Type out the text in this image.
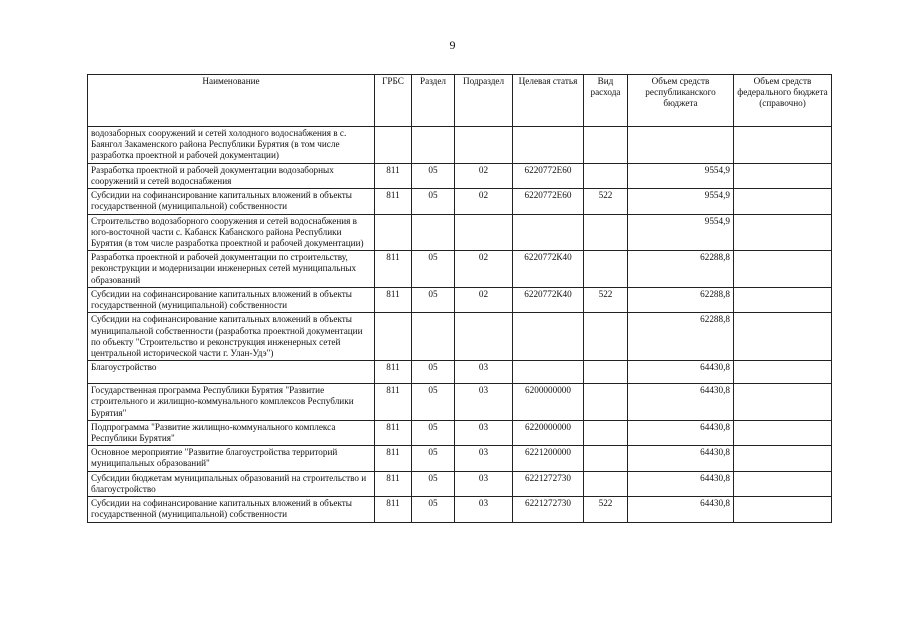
9
Наименование	ГРБС	Раздел	Подраздел	Целевая статья	Вид расхода	Объем средств республиканского бюджета	Объем средств федерального бюджета (справочно)
водозаборных сооружений и сетей холодного водоснабжения в с. Баянгол Закаменского района Республики Бурятия (в том числе разработка проектной и рабочей документации)							
Разработка проектной и рабочей документации водозаборных сооружений и сетей водоснабжения	811	05	02	6220772Е60		9554,9	
Субсидии на софинансирование капитальных вложений в объекты государственной (муниципальной) собственности	811	05	02	6220772Е60	522	9554,9	
Строительство водозаборного сооружения и сетей водоснабжения в юго-восточной части с. Кабанск Кабанского района Республики Бурятия (в том числе разработка проектной и рабочей документации)						9554,9	
Разработка проектной и рабочей документации по строительству, реконструкции и модернизации инженерных сетей муниципальных образований	811	05	02	6220772К40		62288,8	
Субсидии на софинансирование капитальных вложений в объекты государственной (муниципальной) собственности	811	05	02	6220772К40	522	62288,8	
Субсидии на софинансирование капитальных вложений в объекты муниципальной собственности (разработка проектной документации по объекту "Строительство и реконструкция инженерных сетей центральной исторической части г. Улан-Удэ")						62288,8	
Благоустройство	811	05	03			64430,8	
Государственная программа Республики Бурятия "Развитие строительного и жилищно-коммунального комплексов Республики Бурятия"	811	05	03	6200000000		64430,8	
Подпрограмма "Развитие жилищно-коммунального комплекса Республики Бурятия"	811	05	03	6220000000		64430,8	
Основное мероприятие "Развитие благоустройства территорий муниципальных образований"	811	05	03	6221200000		64430,8	
Субсидии бюджетам муниципальных образований на строительство и благоустройство	811	05	03	6221272730		64430,8	
Субсидии на софинансирование капитальных вложений в объекты государственной (муниципальной) собственности	811	05	03	6221272730	522	64430,8	
